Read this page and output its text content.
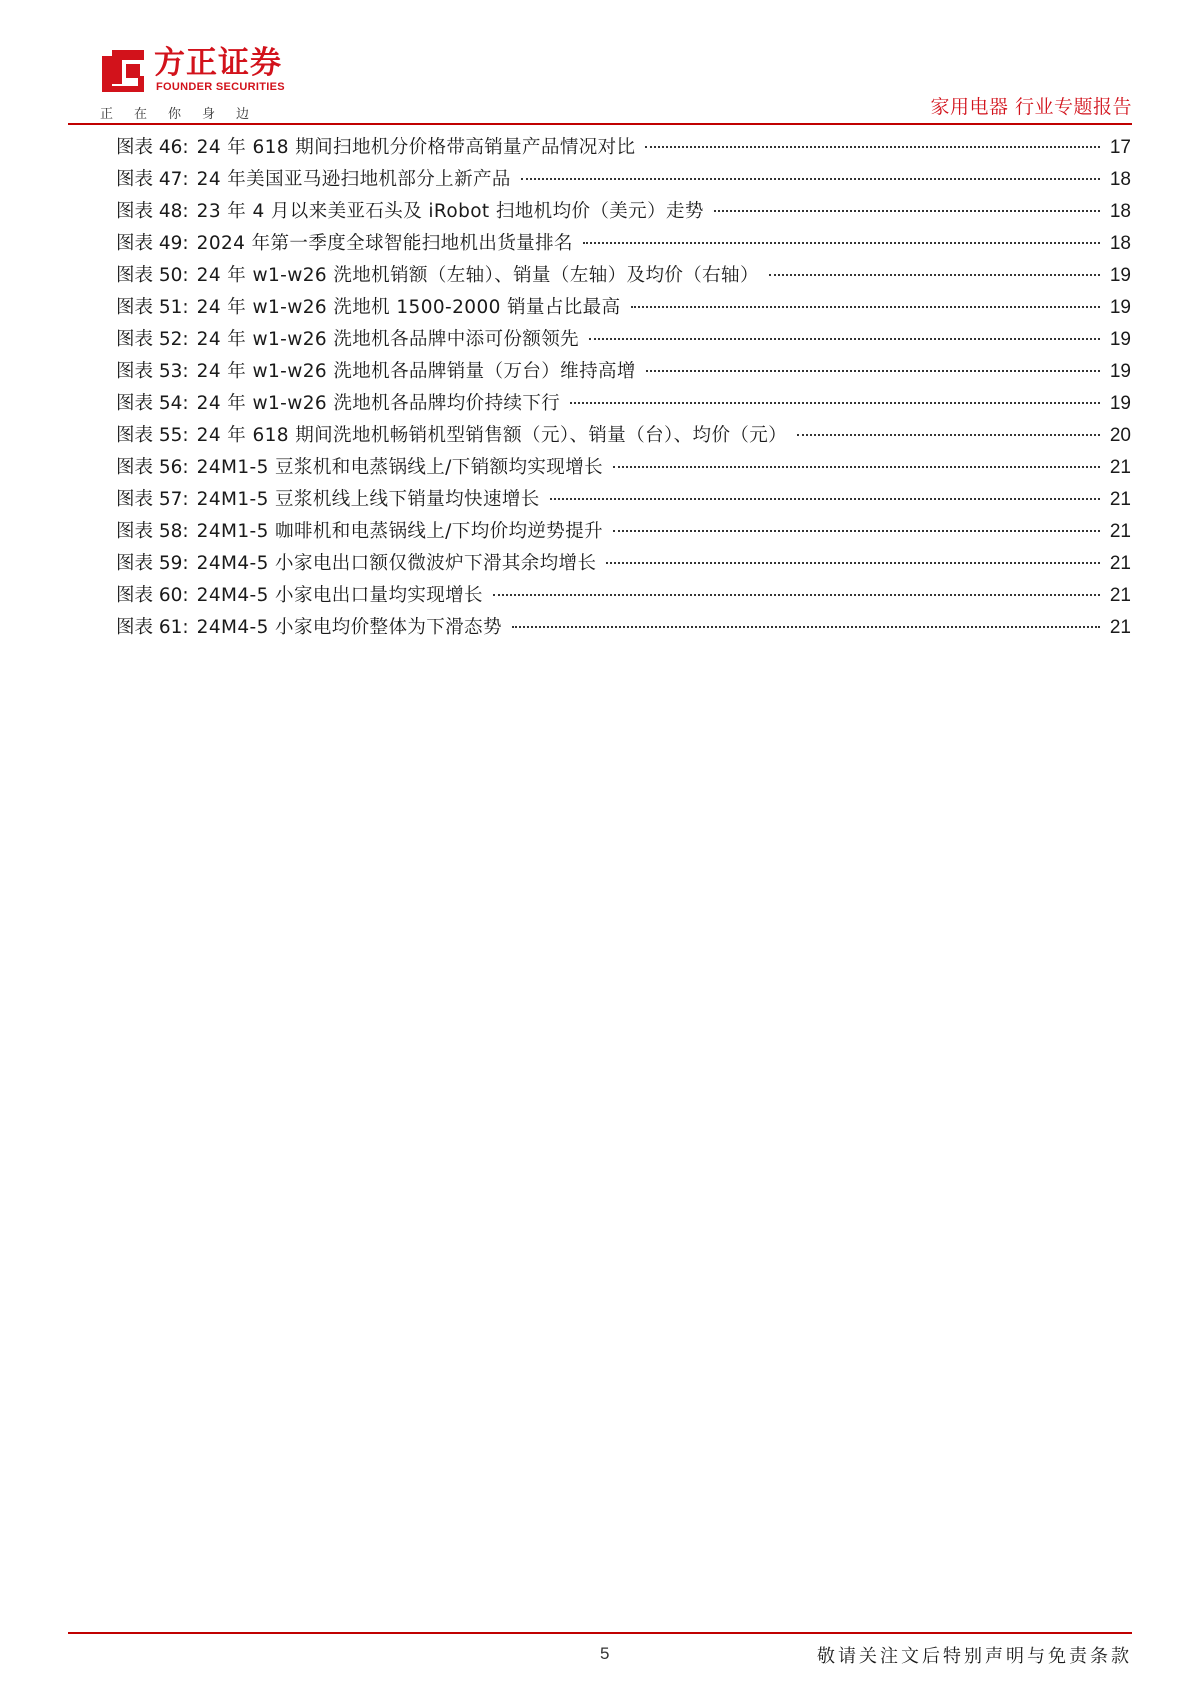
方正证券
FOUNDER SECURITIES
正在你身边	家用电器 行业专题报告
图表 46: 24 年 618 期间扫地机分价格带高销量产品情况对比	17
图表 47: 24 年美国亚马逊扫地机部分上新产品	18
图表 48: 23 年 4 月以来美亚石头及 iRobot 扫地机均价（美元）走势	18
图表 49: 2024 年第一季度全球智能扫地机出货量排名	18
图表 50: 24 年 w1-w26 洗地机销额（左轴）、销量（左轴）及均价（右轴）	19
图表 51: 24 年 w1-w26 洗地机 1500-2000 销量占比最高	19
图表 52: 24 年 w1-w26 洗地机各品牌中添可份额领先	19
图表 53: 24 年 w1-w26 洗地机各品牌销量（万台）维持高增	19
图表 54: 24 年 w1-w26 洗地机各品牌均价持续下行	19
图表 55: 24 年 618 期间洗地机畅销机型销售额（元）、销量（台）、均价（元）	20
图表 56: 24M1-5 豆浆机和电蒸锅线上/下销额均实现增长	21
图表 57: 24M1-5 豆浆机线上线下销量均快速增长	21
图表 58: 24M1-5 咖啡机和电蒸锅线上/下均价均逆势提升	21
图表 59: 24M4-5 小家电出口额仅微波炉下滑其余均增长	21
图表 60: 24M4-5 小家电出口量均实现增长	21
图表 61: 24M4-5 小家电均价整体为下滑态势	21
5	敬请关注文后特别声明与免责条款
